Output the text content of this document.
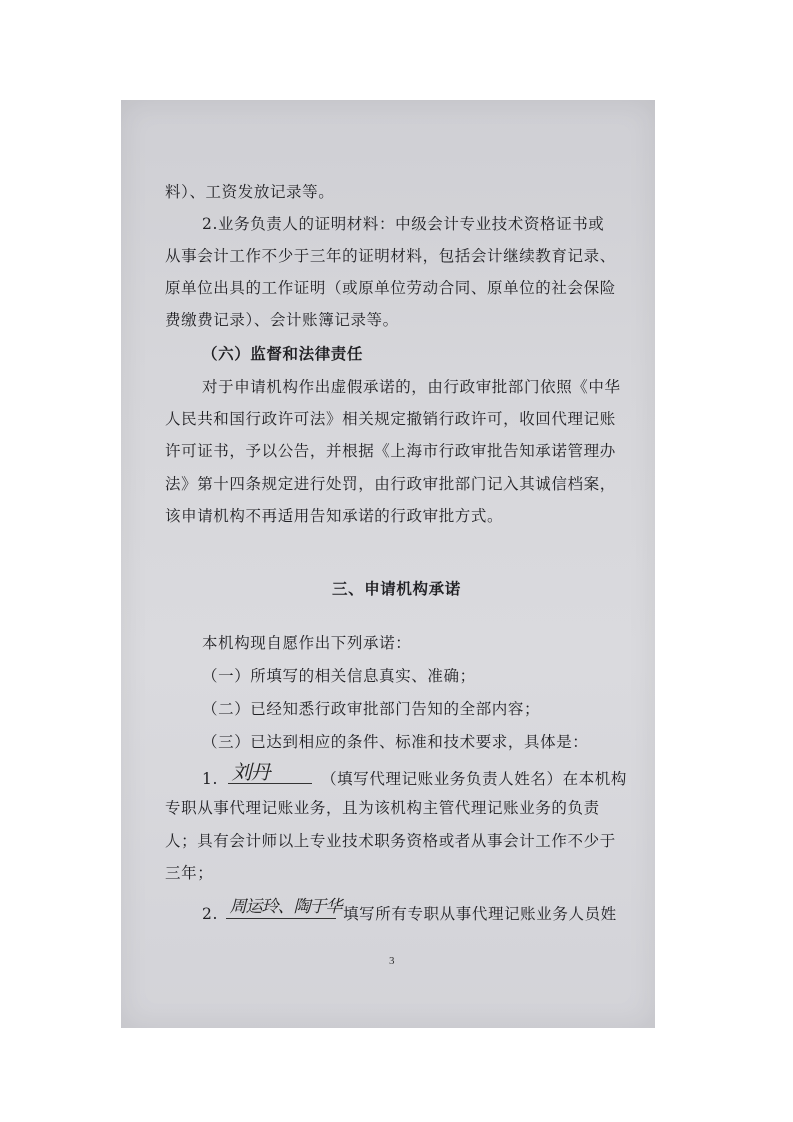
料）、工资发放记录等。
2.业务负责人的证明材料：中级会计专业技术资格证书或
从事会计工作不少于三年的证明材料，包括会计继续教育记录、
原单位出具的工作证明（或原单位劳动合同、原单位的社会保险
费缴费记录）、会计账簿记录等。
（六）监督和法律责任
对于申请机构作出虚假承诺的，由行政审批部门依照《中华
人民共和国行政许可法》相关规定撤销行政许可，收回代理记账
许可证书，予以公告，并根据《上海市行政审批告知承诺管理办
法》第十四条规定进行处罚，由行政审批部门记入其诚信档案，
该申请机构不再适用告知承诺的行政审批方式。
三、申请机构承诺
本机构现自愿作出下列承诺：
（一）所填写的相关信息真实、准确；
（二）已经知悉行政审批部门告知的全部内容；
（三）已达到相应的条件、标准和技术要求，具体是：
1. 刘丹	（填写代理记账业务负责人姓名）在本机构
专职从事代理记账业务，且为该机构主管代理记账业务的负责
人；具有会计师以上专业技术职务资格或者从事会计工作不少于
三年；
2. 周运玲、陶于华 填写所有专职从事代理记账业务人员姓
3
